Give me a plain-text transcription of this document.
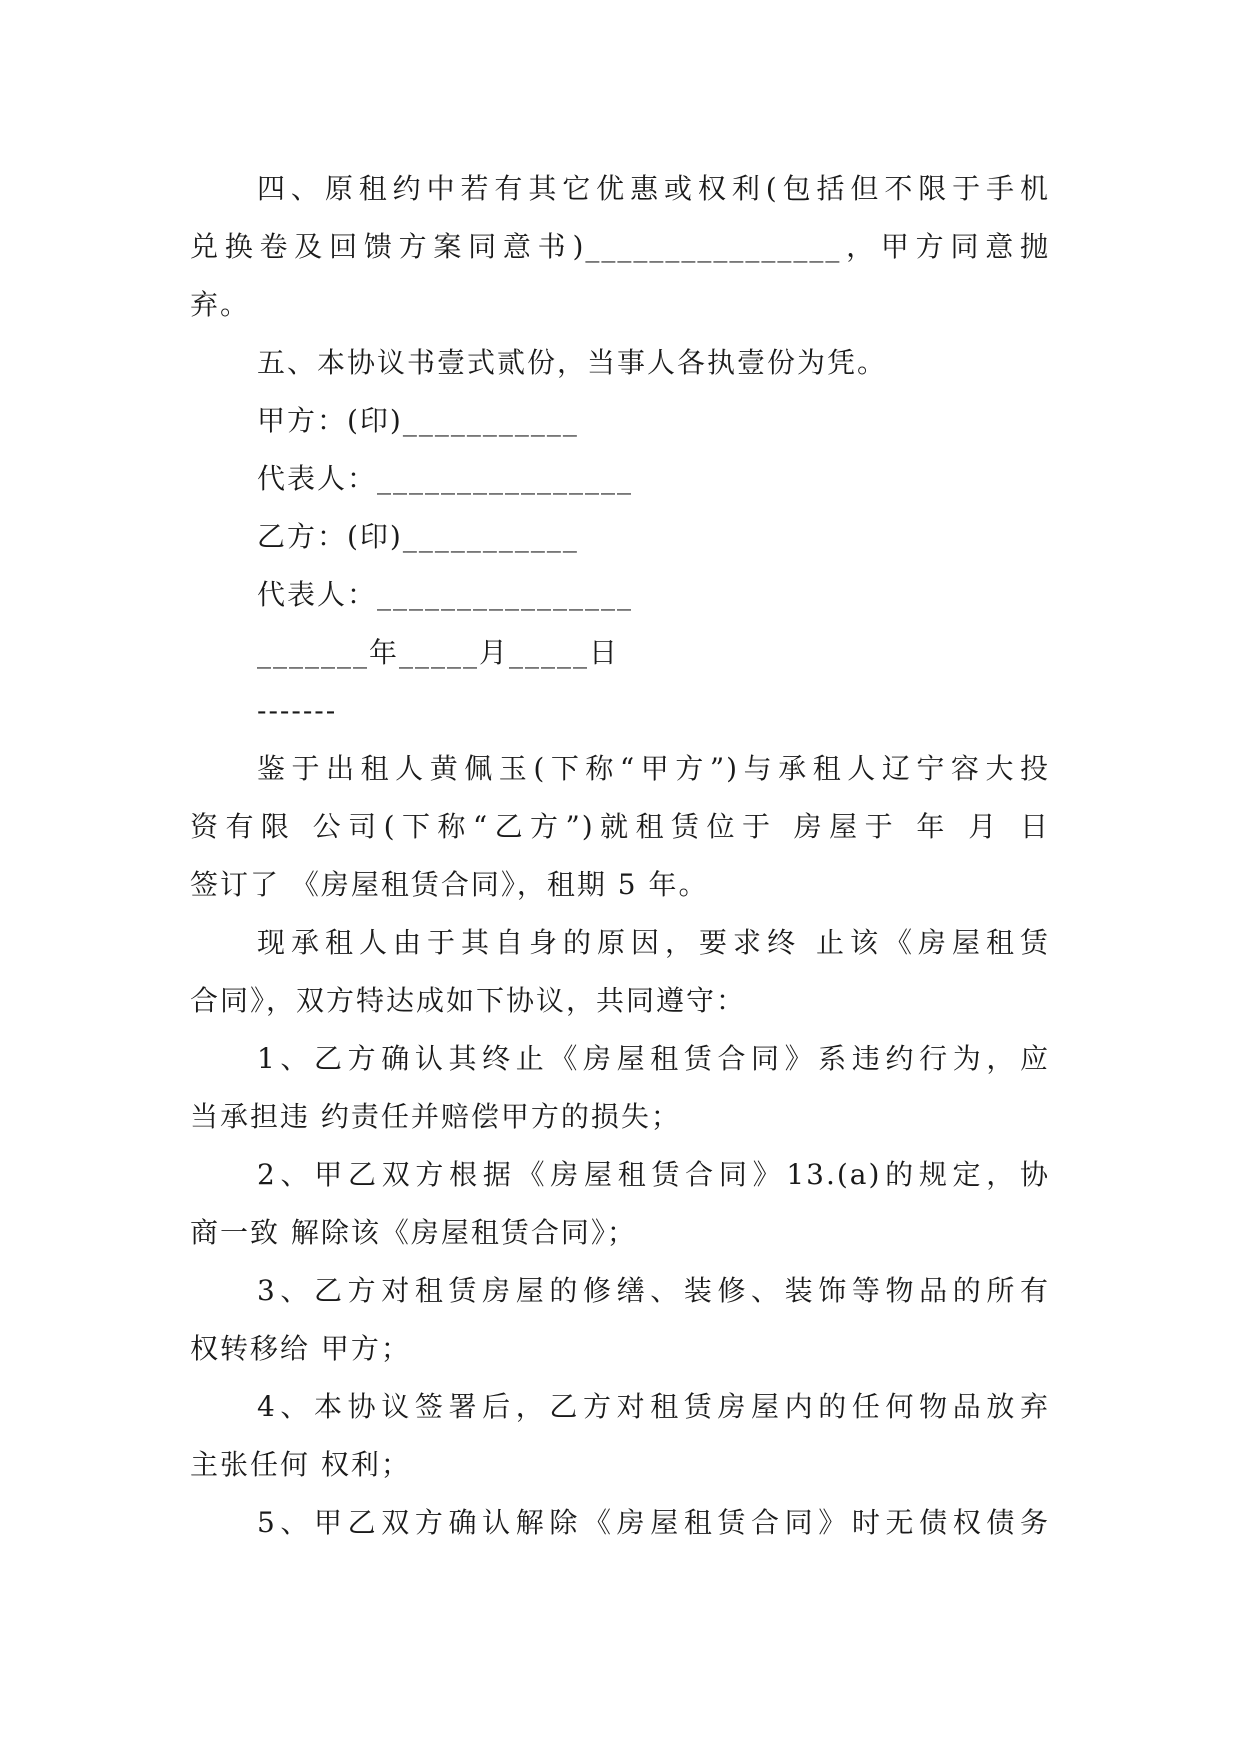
四、原租约中若有其它优惠或权利(包括但不限于手机
兑换卷及回馈方案同意书)________________，甲方同意抛
弃。
五、本协议书壹式贰份，当事人各执壹份为凭。
甲方：(印)___________
代表人：________________
乙方：(印)___________
代表人：________________
_______年_____月_____日
-------
鉴于出租人黄佩玉(下称“甲方”)与承租人辽宁容大投
资有限 公司(下称“乙方”)就租赁位于 房屋于 年 月 日
签订了 《房屋租赁合同》，租期 5 年。
现承租人由于其自身的原因，要求终 止该《房屋租赁
合同》，双方特达成如下协议，共同遵守：
1、乙方确认其终止《房屋租赁合同》系违约行为，应
当承担违 约责任并赔偿甲方的损失；
2、甲乙双方根据《房屋租赁合同》13.(a)的规定，协
商一致 解除该《房屋租赁合同》；
3、乙方对租赁房屋的修缮、装修、装饰等物品的所有
权转移给 甲方；
4、本协议签署后，乙方对租赁房屋内的任何物品放弃
主张任何 权利；
5、甲乙双方确认解除《房屋租赁合同》时无债权债务
